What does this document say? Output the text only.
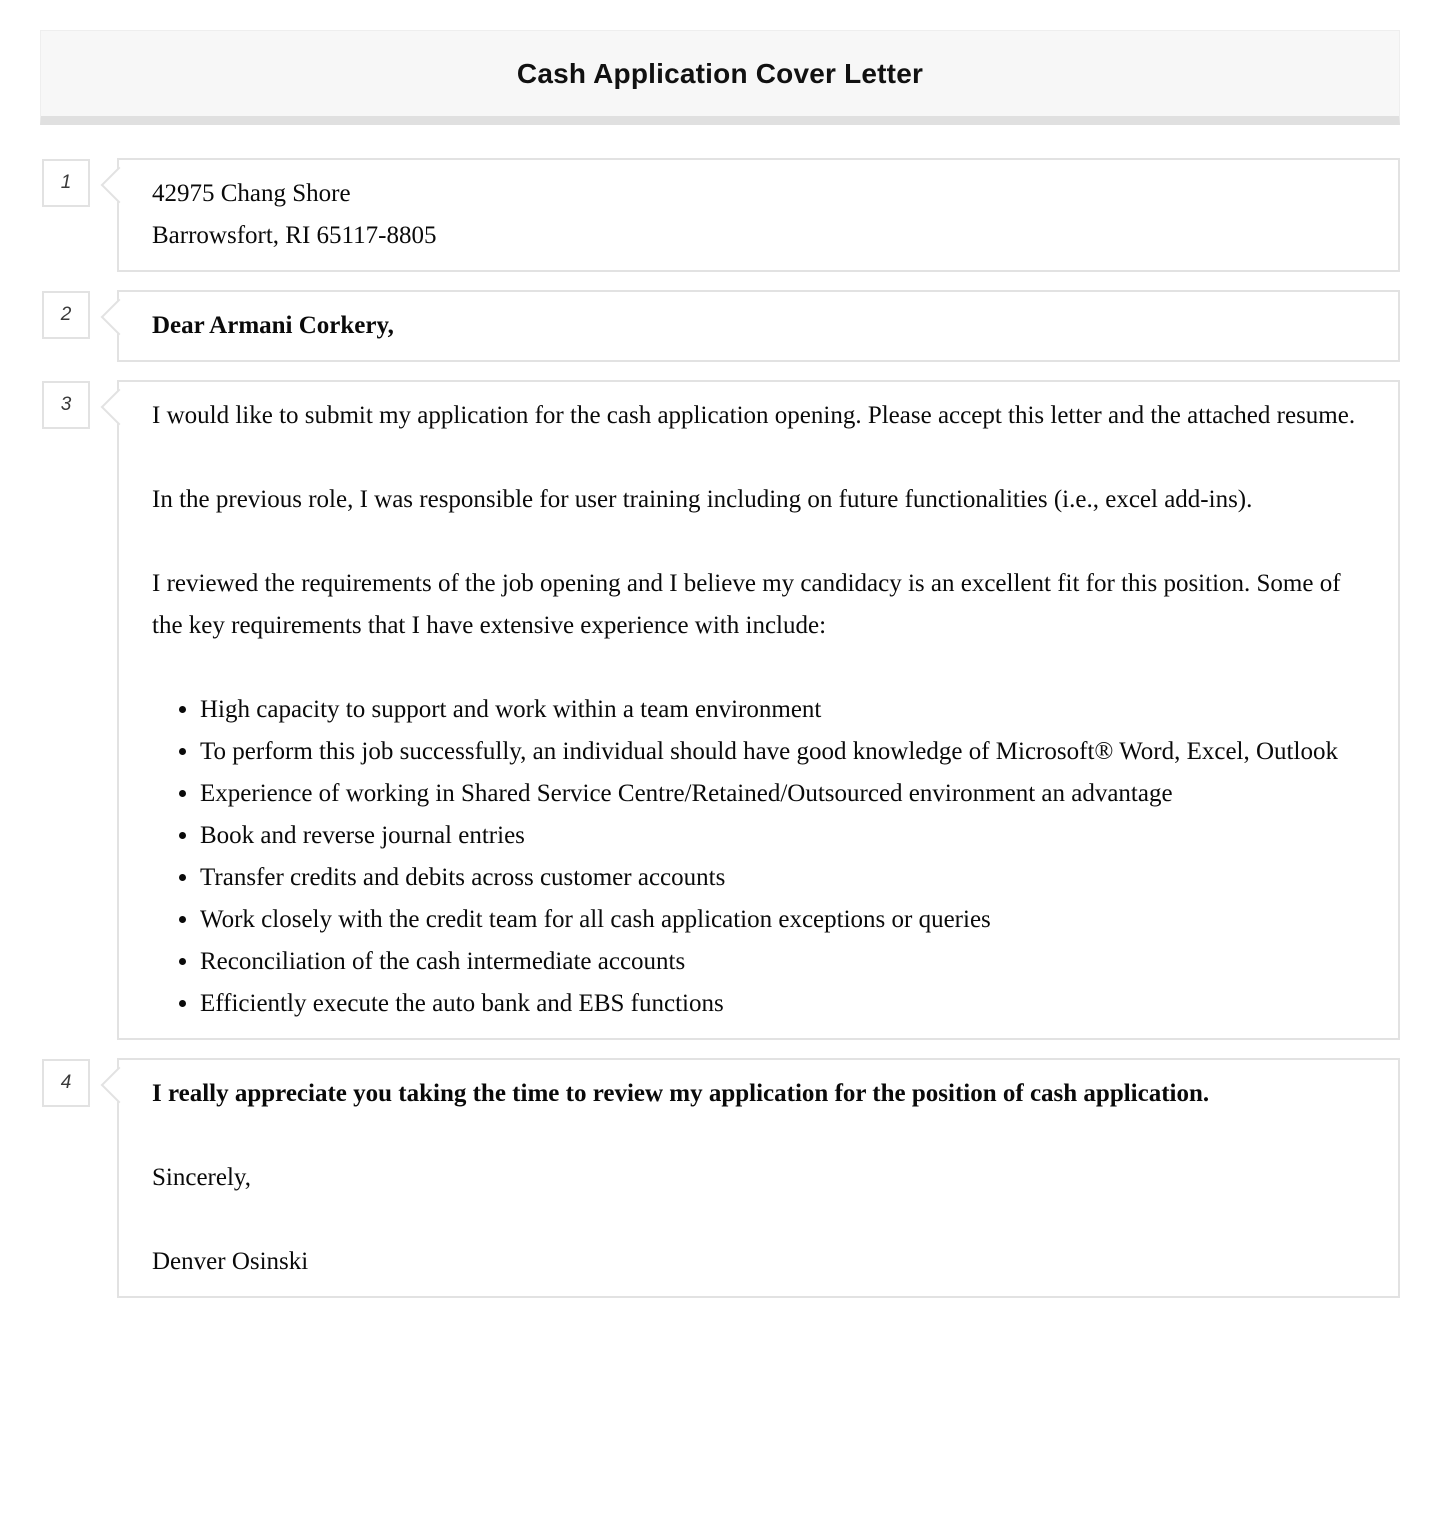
Cash Application Cover Letter
1	42975 Chang Shore

Barrowsfort, RI 65117-8805

2	Dear Armani Corkery,

3	I would like to submit my application for the cash application opening. Please accept this letter and the attached resume.

In the previous role, I was responsible for user training including on future functionalities (i.e., excel add-ins).

I reviewed the requirements of the job opening and I believe my candidacy is an excellent fit for this position. Some of the key requirements that I have extensive experience with include:

• High capacity to support and work within a team environment
• To perform this job successfully, an individual should have good knowledge of Microsoft® Word, Excel, Outlook
• Experience of working in Shared Service Centre/Retained/Outsourced environment an advantage
• Book and reverse journal entries
• Transfer credits and debits across customer accounts
• Work closely with the credit team for all cash application exceptions or queries
• Reconciliation of the cash intermediate accounts
• Efficiently execute the auto bank and EBS functions
4	I really appreciate you taking the time to review my application for the position of cash application.

Sincerely,

Denver Osinski
